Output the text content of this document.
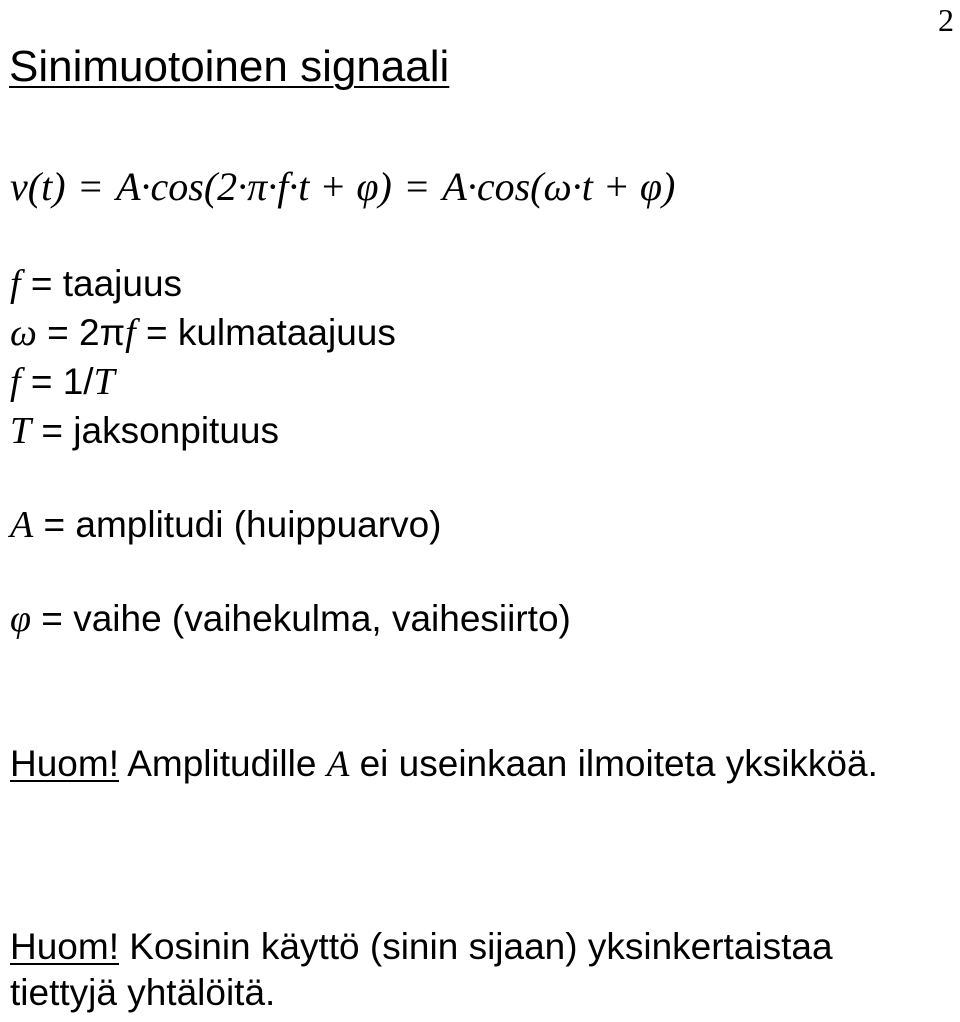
2
Sinimuotoinen signaali
v(t) = A·cos(2·π·f·t + φ) = A·cos(ω·t + φ)
f = taajuus
ω = 2πf = kulmataajuus
f = 1/T
T = jaksonpituus
A = amplitudi (huippuarvo)
φ = vaihe (vaihekulma, vaihesiirto)
Huom! Amplitudille A ei useinkaan ilmoiteta yksikköä.
Huom! Kosinin käyttö (sinin sijaan) yksinkertaistaa tiettyjä yhtälöitä.
